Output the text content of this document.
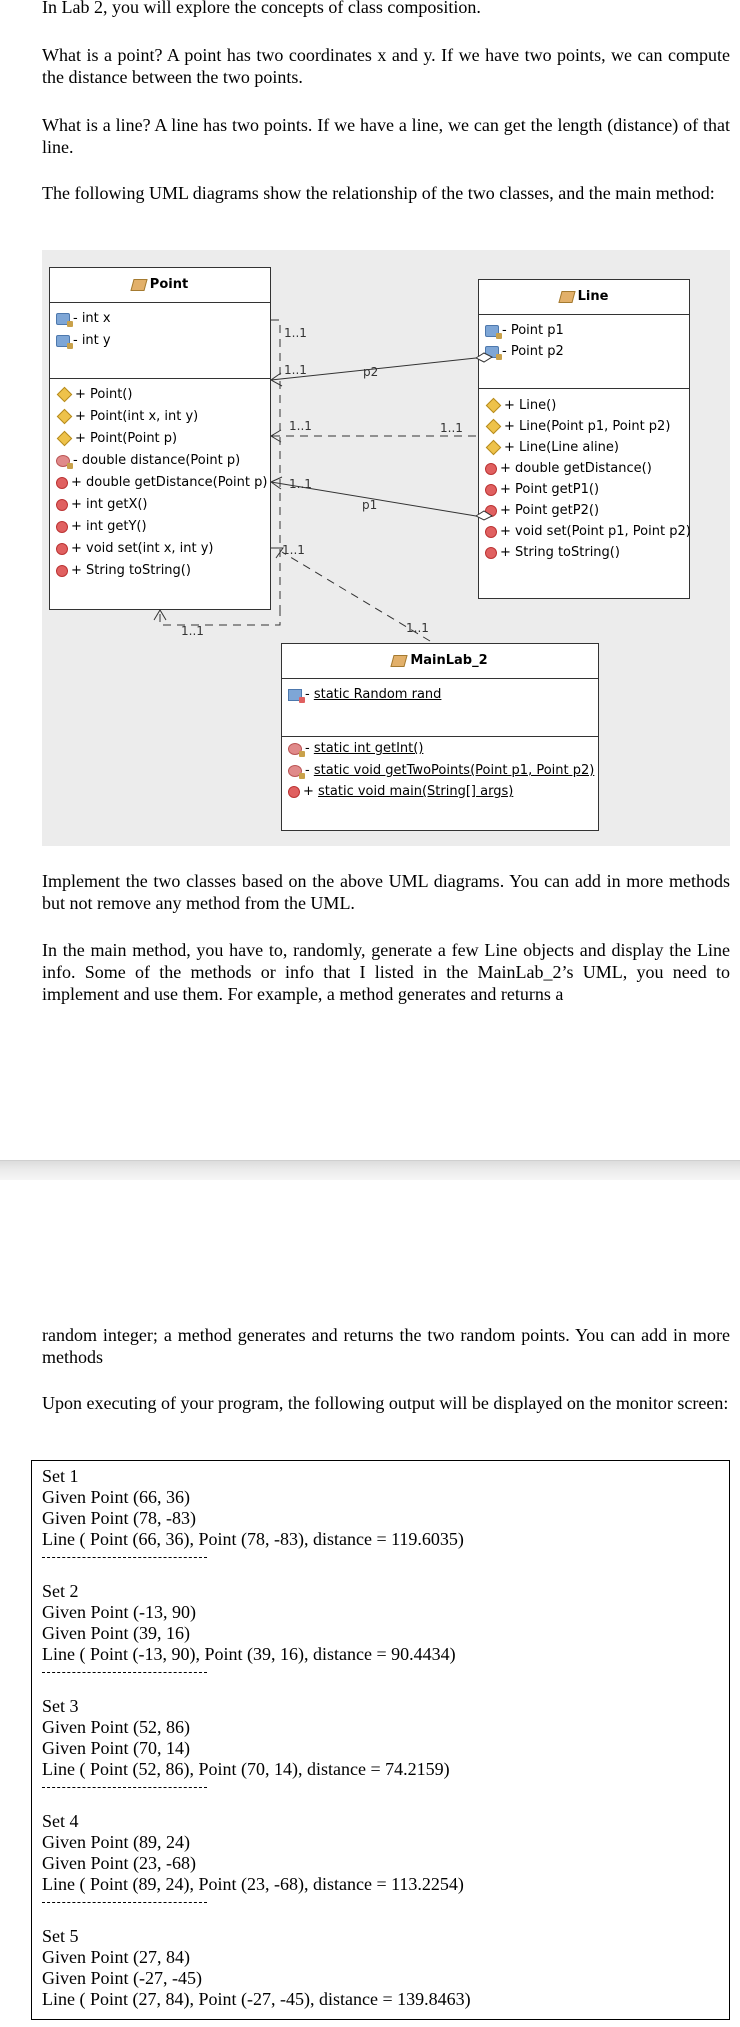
In Lab 2, you will explore the concepts of class composition.

What is a point? A point has two coordinates x and y. If we have two points, we can compute the distance between the two points.

What is a line? A line has two points. If we have a line, we can get the length (distance) of that line.

The following UML diagrams show the relationship of the two classes, and the main method:

Point
- int x
- int y
+ Point()
+ Point(int x, int y)
+ Point(Point p)
- double distance(Point p)
+ double getDistance(Point p)
+ int getX()
+ int getY()
+ void set(int x, int y)
+ String toString()
Line
- Point p1
- Point p2
+ Line()
+ Line(Point p1, Point p2)
+ Line(Line aline)
+ double getDistance()
+ Point getP1()
+ Point getP2()
+ void set(Point p1, Point p2)
+ String toString()
MainLab_2
- static Random rand
- static int getInt()
- static void getTwoPoints(Point p1, Point p2)
+ static void main(String[] args)
1..1
1..1	p2
1..1	1..1
1..1
p1
1..1
1..1
1..1

Implement the two classes based on the above UML diagrams. You can add in more methods but not remove any method from the UML.

In the main method, you have to, randomly, generate a few Line objects and display the Line info. Some of the methods or info that I listed in the MainLab_2’s UML, you need to implement and use them. For example, a method generates and returns a

random integer; a method generates and returns the two random points. You can add in more methods

Upon executing of your program, the following output will be displayed on the monitor screen:

Set 1
Given Point (66, 36)
Given Point (78, -83)
Line ( Point (66, 36), Point (78, -83), distance = 119.6035)
Set 2
Given Point (-13, 90)
Given Point (39, 16)
Line ( Point (-13, 90), Point (39, 16), distance = 90.4434)
Set 3
Given Point (52, 86)
Given Point (70, 14)
Line ( Point (52, 86), Point (70, 14), distance = 74.2159)
Set 4
Given Point (89, 24)
Given Point (23, -68)
Line ( Point (89, 24), Point (23, -68), distance = 113.2254)
Set 5
Given Point (27, 84)
Given Point (-27, -45)
Line ( Point (27, 84), Point (-27, -45), distance = 139.8463)
